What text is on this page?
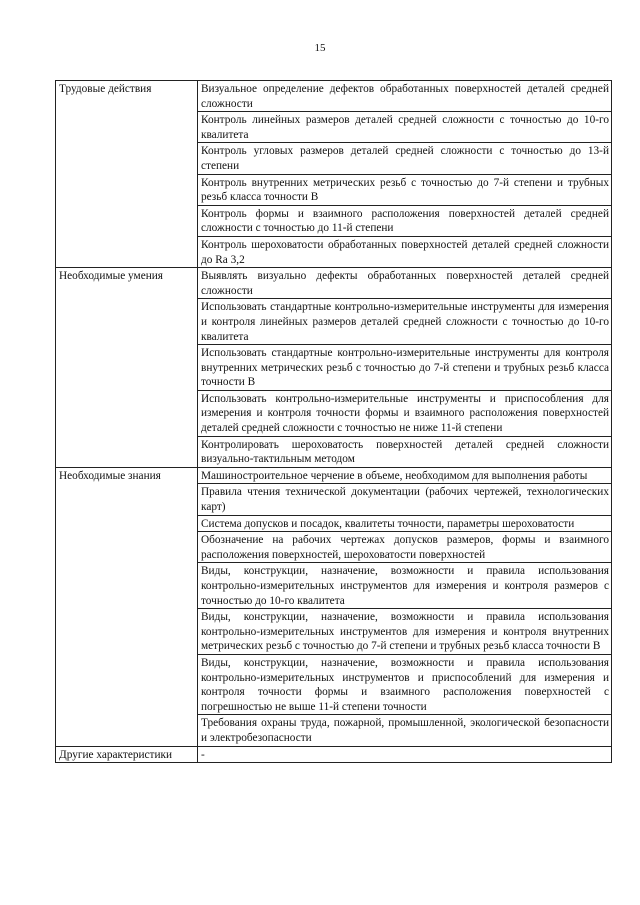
15
Трудовые действия	Визуальное определение дефектов обработанных поверхностей деталей средней сложности
	Контроль линейных размеров деталей средней сложности с точностью до 10-го квалитета
	Контроль угловых размеров деталей средней сложности с точностью до 13-й степени
	Контроль внутренних метрических резьб с точностью до 7-й степени и трубных резьб класса точности B
	Контроль формы и взаимного расположения поверхностей деталей средней сложности с точностью до 11-й степени
	Контроль шероховатости обработанных поверхностей деталей средней сложности до Ra 3,2
Необходимые умения	Выявлять визуально дефекты обработанных поверхностей деталей средней сложности
	Использовать стандартные контрольно-измерительные инструменты для измерения и контроля линейных размеров деталей средней сложности с точностью до 10-го квалитета
	Использовать стандартные контрольно-измерительные инструменты для контроля внутренних метрических резьб с точностью до 7-й степени и трубных резьб класса точности B
	Использовать контрольно-измерительные инструменты и приспособления для измерения и контроля точности формы и взаимного расположения поверхностей деталей средней сложности с точностью не ниже 11-й степени
	Контролировать шероховатость поверхностей деталей средней сложности визуально-тактильным методом
Необходимые знания	Машиностроительное черчение в объеме, необходимом для выполнения работы
	Правила чтения технической документации (рабочих чертежей, технологических карт)
	Система допусков и посадок, квалитеты точности, параметры шероховатости
	Обозначение на рабочих чертежах допусков размеров, формы и взаимного расположения поверхностей, шероховатости поверхностей
	Виды, конструкции, назначение, возможности и правила использования контрольно-измерительных инструментов для измерения и контроля размеров с точностью до 10-го квалитета
	Виды, конструкции, назначение, возможности и правила использования контрольно-измерительных инструментов для измерения и контроля внутренних метрических резьб с точностью до 7-й степени и трубных резьб класса точности B
	Виды, конструкции, назначение, возможности и правила использования контрольно-измерительных инструментов и приспособлений для измерения и контроля точности формы и взаимного расположения поверхностей с погрешностью не выше 11-й степени точности
	Требования охраны труда, пожарной, промышленной, экологической безопасности и электробезопасности
Другие характеристики	-
